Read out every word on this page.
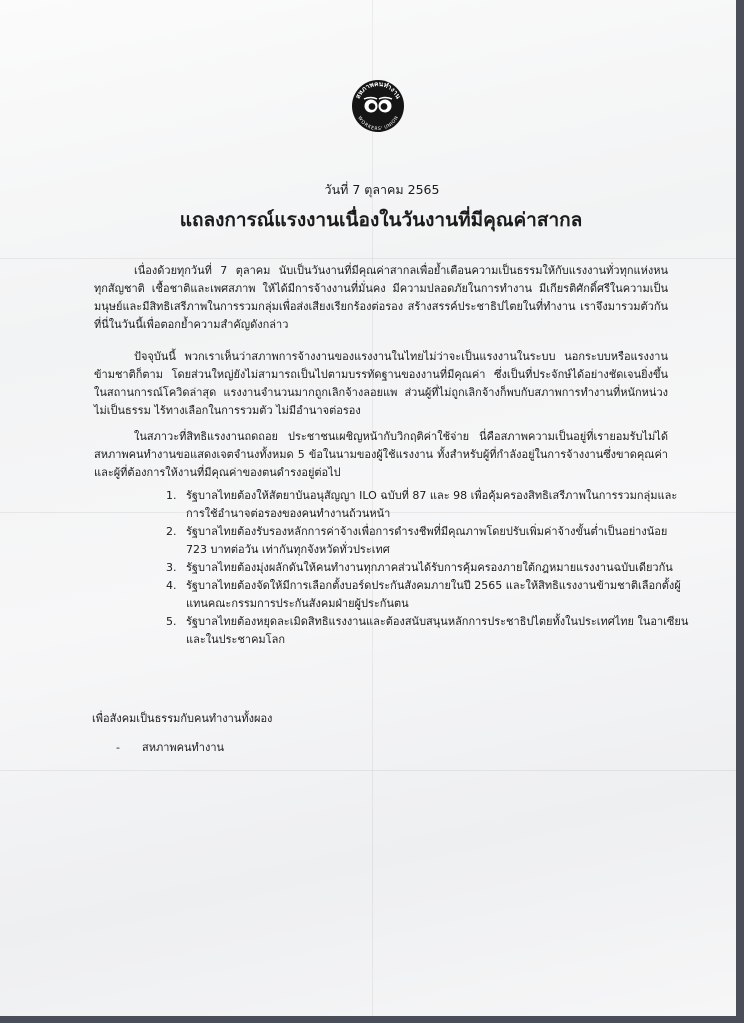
สหภาพคนทำงาน
WORKERS' UNION
วันที่ 7 ตุลาคม 2565
แถลงการณ์แรงงานเนื่องในวันงานที่มีคุณค่าสากล

เนื่องด้วยทุกวันที่ 7 ตุลาคม นับเป็นวันงานที่มีคุณค่าสากลเพื่อย้ำเตือนความเป็นธรรมให้กับแรงงานทั่วทุกแห่งหน ทุกสัญชาติ เชื้อชาติและเพศสภาพ ให้ได้มีการจ้างงานที่มั่นคง มีความปลอดภัยในการทำงาน มีเกียรติศักดิ์ศรีในความเป็นมนุษย์และมีสิทธิเสรีภาพในการรวมกลุ่มเพื่อส่งเสียงเรียกร้องต่อรอง สร้างสรรค์ประชาธิปไตยในที่ทำงาน เราจึงมารวมตัวกันที่นี่ในวันนี้เพื่อตอกย้ำความสำคัญดังกล่าว

ปัจจุบันนี้ พวกเราเห็นว่าสภาพการจ้างงานของแรงงานในไทยไม่ว่าจะเป็นแรงงานในระบบ นอกระบบหรือแรงงานข้ามชาติก็ตาม โดยส่วนใหญ่ยังไม่สามารถเป็นไปตามบรรทัดฐานของงานที่มีคุณค่า ซึ่งเป็นที่ประจักษ์ได้อย่างชัดเจนยิ่งขึ้นในสถานการณ์โควิดล่าสุด แรงงานจำนวนมากถูกเลิกจ้างลอยแพ ส่วนผู้ที่ไม่ถูกเลิกจ้างก็พบกับสภาพการทำงานที่หนักหน่วง ไม่เป็นธรรม ไร้ทางเลือกในการรวมตัว ไม่มีอำนาจต่อรอง

ในสภาวะที่สิทธิแรงงานถดถอย ประชาชนเผชิญหน้ากับวิกฤติค่าใช้จ่าย นี่คือสภาพความเป็นอยู่ที่เรายอมรับไม่ได้ สหภาพคนทำงานขอแสดงเจตจำนงทั้งหมด 5 ข้อในนามของผู้ใช้แรงงาน ทั้งสำหรับผู้ที่กำลังอยู่ในการจ้างงานซึ่งขาดคุณค่าและผู้ที่ต้องการให้งานที่มีคุณค่าของตนดำรงอยู่ต่อไป

1. รัฐบาลไทยต้องให้สัตยาบันอนุสัญญา ILO ฉบับที่ 87 และ 98 เพื่อคุ้มครองสิทธิเสรีภาพในการรวมกลุ่มและการใช้อำนาจต่อรองของคนทำงานถ้วนหน้า
2. รัฐบาลไทยต้องรับรองหลักการค่าจ้างเพื่อการดำรงชีพที่มีคุณภาพโดยปรับเพิ่มค่าจ้างขั้นต่ำเป็นอย่างน้อย 723 บาทต่อวัน เท่ากันทุกจังหวัดทั่วประเทศ
3. รัฐบาลไทยต้องมุ่งผลักดันให้คนทำงานทุกภาคส่วนได้รับการคุ้มครองภายใต้กฎหมายแรงงานฉบับเดียวกัน
4. รัฐบาลไทยต้องจัดให้มีการเลือกตั้งบอร์ดประกันสังคมภายในปี 2565 และให้สิทธิแรงงานข้ามชาติเลือกตั้งผู้แทนคณะกรรมการประกันสังคมฝ่ายผู้ประกันตน
5. รัฐบาลไทยต้องหยุดละเมิดสิทธิแรงงานและต้องสนับสนุนหลักการประชาธิปไตยทั้งในประเทศไทย ในอาเซียนและในประชาคมโลก
เพื่อสังคมเป็นธรรมกับคนทำงานทั้งผอง
- สหภาพคนทำงาน
